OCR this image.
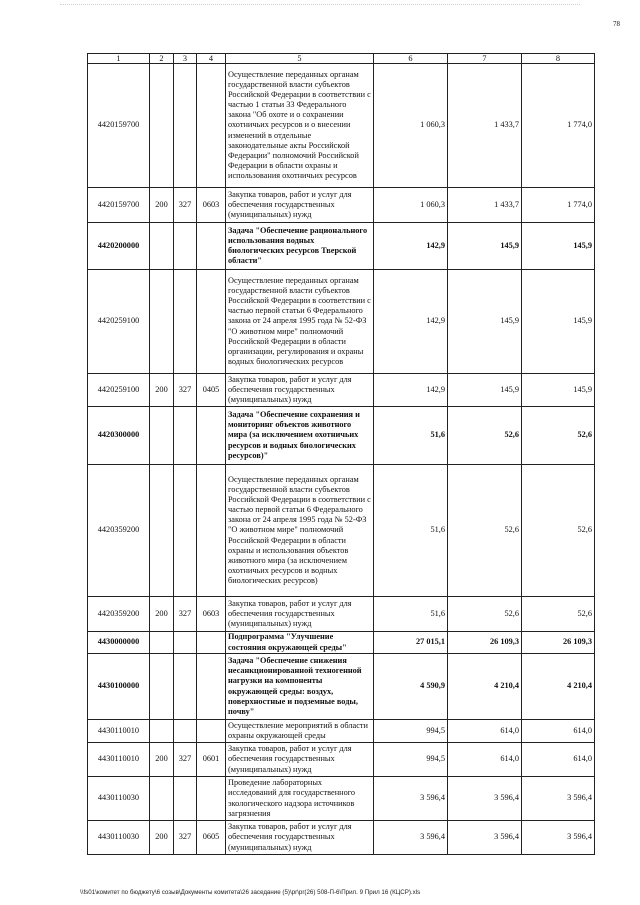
78
1	2	3	4	5	6	7	8
4420159700				Осуществление переданных органам государственной власти субъектов Российской Федерации в соответствии с частью 1 статьи 33 Федерального закона "Об охоте и о сохранении охотничьих ресурсов и о внесении изменений в отдельные законодательные акты Российской Федерации" полномочий Российской Федерации в области охраны и использования охотничьих ресурсов	1 060,3	1 433,7	1 774,0
4420159700	200	327	0603	Закупка товаров, работ и услуг для обеспечения государственных (муниципальных) нужд	1 060,3	1 433,7	1 774,0
4420200000				Задача "Обеспечение рационального использования водных биологических ресурсов Тверской области"	142,9	145,9	145,9
4420259100				Осуществление переданных органам государственной власти субъектов Российской Федерации в соответствии с частью первой статьи 6 Федерального закона от 24 апреля 1995 года № 52-ФЗ "О животном мире" полномочий Российской Федерации в области организации, регулирования и охраны водных биологических ресурсов	142,9	145,9	145,9
4420259100	200	327	0405	Закупка товаров, работ и услуг для обеспечения государственных (муниципальных) нужд	142,9	145,9	145,9
4420300000				Задача "Обеспечение сохранения и мониторинг объектов животного мира (за исключением охотничьих ресурсов и водных биологических ресурсов)"	51,6	52,6	52,6
4420359200				Осуществление переданных органам государственной власти субъектов Российской Федерации в соответствии с частью первой статьи 6 Федерального закона от 24 апреля 1995 года № 52-ФЗ "О животном мире" полномочий Российской Федерации в области охраны и использования объектов животного мира (за исключением охотничьих ресурсов и водных биологических ресурсов)	51,6	52,6	52,6
4420359200	200	327	0603	Закупка товаров, работ и услуг для обеспечения государственных (муниципальных) нужд	51,6	52,6	52,6
4430000000				Подпрограмма "Улучшение состояния окружающей среды"	27 015,1	26 109,3	26 109,3
4430100000				Задача "Обеспечение снижения несанкционированной техногенной нагрузки на компоненты окружающей среды: воздух, поверхностные и подземные воды, почву"	4 590,9	4 210,4	4 210,4
4430110010				Осуществление мероприятий в области охраны окружающей среды	994,5	614,0	614,0
4430110010	200	327	0601	Закупка товаров, работ и услуг для обеспечения государственных (муниципальных) нужд	994,5	614,0	614,0
4430110030				Проведение лабораторных исследований для государственного экологического надзора источников загрязнения	3 596,4	3 596,4	3 596,4
4430110030	200	327	0605	Закупка товаров, работ и услуг для обеспечения государственных (муниципальных) нужд	3 596,4	3 596,4	3 596,4
\\fs01\комитет по бюджету\6 созыв\Документы комитета\26 заседание (5)\pr\pr(26) 508-П-6\Прил. 9 Прил 16 (КЦСР).xls
